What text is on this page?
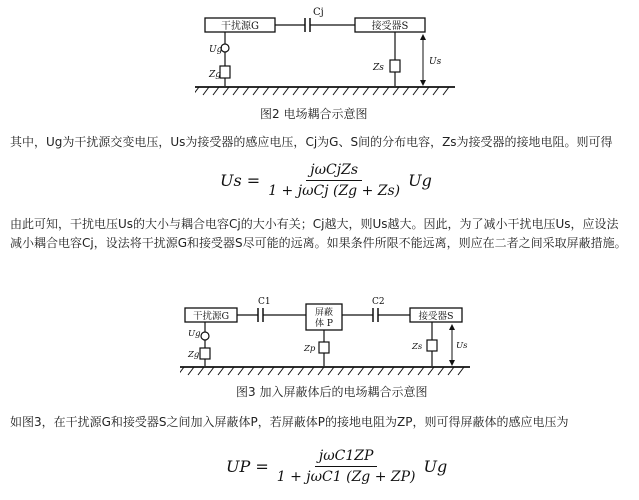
干扰源G
Cj
接受器S
Ug
Zg
Zs
Us
图2 电场耦合示意图
其中，Ug为干扰源交变电压，Us为接受器的感应电压，Cj为G、S间的分布电容，Zs为接受器的接地电阻。则可得
$Us = \frac{\text{jωCjZs}}{\text{1 + jωCj (Zg + Zs)}}$ Ug
由此可知，干扰电压Us的大小与耦合电容Cj的大小有关；Cj越大，则Us越大。因此，为了减小干扰电压Us，应设法减小耦合电容Cj，设法将干扰源G和接受器S尽可能的远离。如果条件所限不能远离，则应在二者之间采取屏蔽措施。
干扰源G
C1
屏蔽
体 P
C2
接受器S
Ug
Zg
Zp	Zs	Us
图3 加入屏蔽体后的电场耦合示意图
如图3，在干扰源G和接受器S之间加入屏蔽体P，若屏蔽体P的接地电阻为ZP，则可得屏蔽体的感应电压为
UP = $\frac{\text{jωC1ZP}}{\text{1 + jωC1 (Zg + ZP)}}$ Ug
